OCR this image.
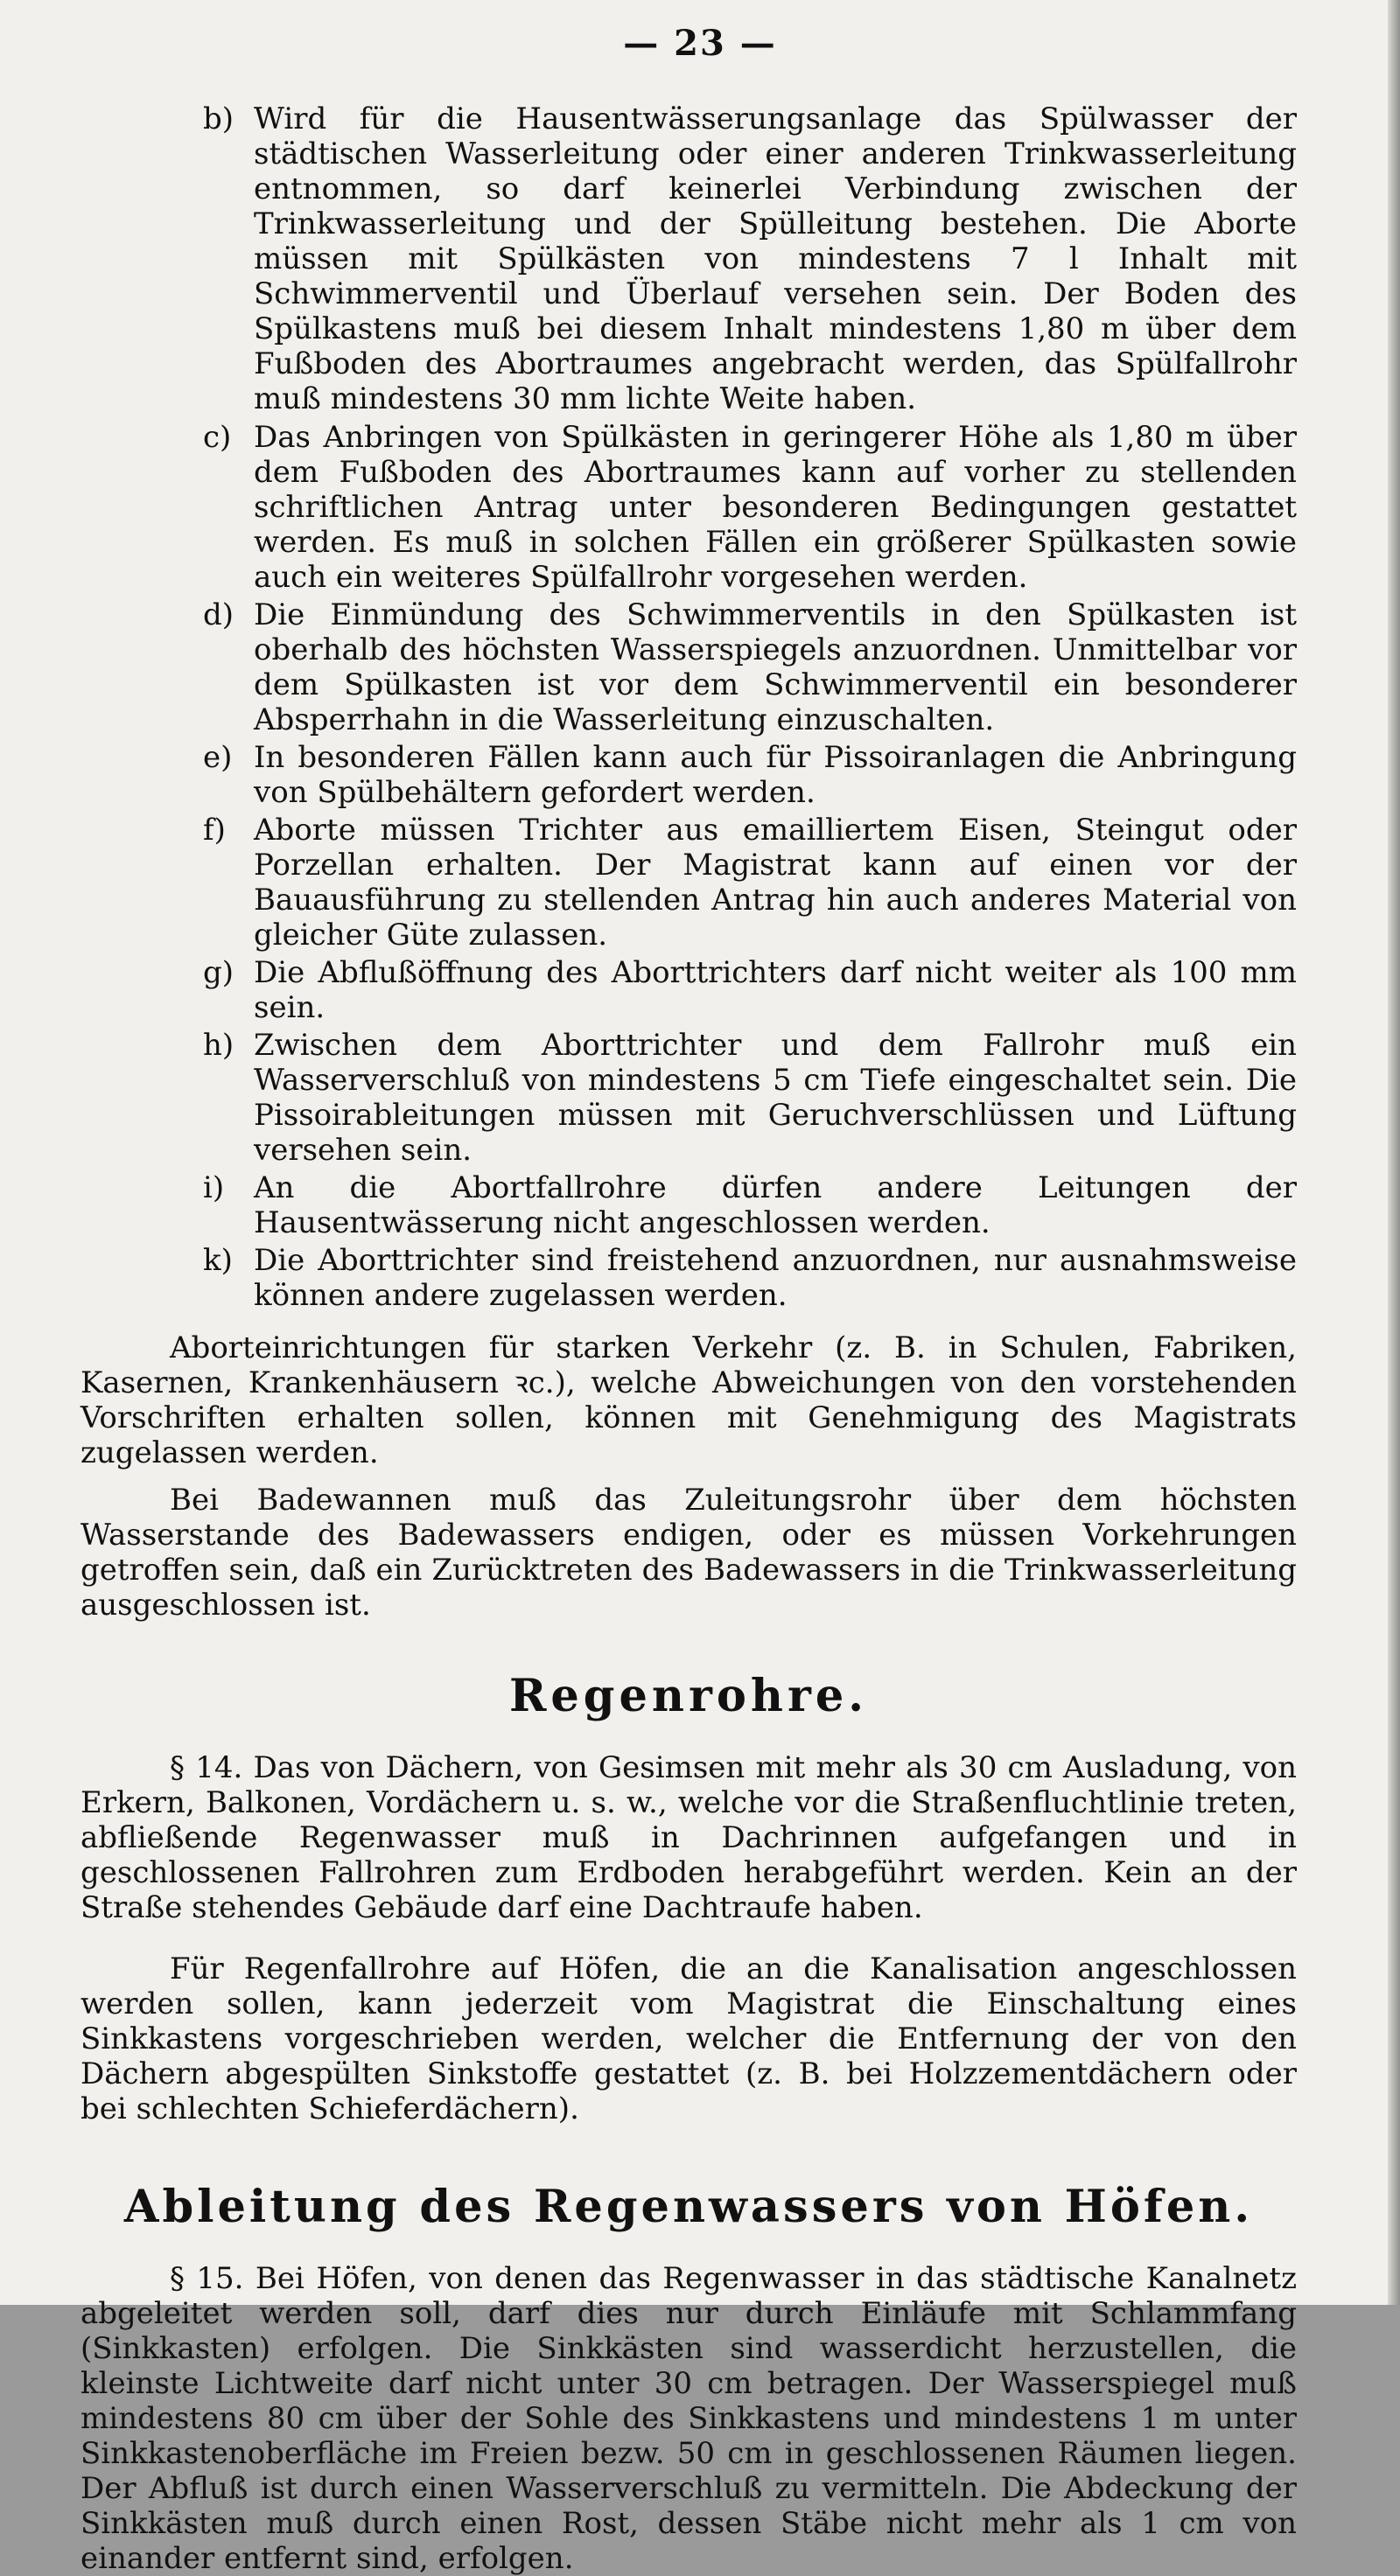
— 23 —
b) Wird für die Hausentwässerungsanlage das Spülwasser der städtischen Wasserleitung oder einer anderen Trinkwasserleitung entnommen, so darf keinerlei Verbindung zwischen der Trinkwasserleitung und der Spülleitung bestehen. Die Aborte müssen mit Spülkästen von mindestens 7 l Inhalt mit Schwimmerventil und Überlauf versehen sein. Der Boden des Spülkastens muß bei diesem Inhalt mindestens 1,80 m über dem Fußboden des Abortraumes angebracht werden, das Spülfallrohr muß mindestens 30 mm lichte Weite haben.
c) Das Anbringen von Spülkästen in geringerer Höhe als 1,80 m über dem Fußboden des Abortraumes kann auf vorher zu stellenden schriftlichen Antrag unter besonderen Bedingungen gestattet werden. Es muß in solchen Fällen ein größerer Spülkasten sowie auch ein weiteres Spülfallrohr vorgesehen werden.
d) Die Einmündung des Schwimmerventils in den Spülkasten ist oberhalb des höchsten Wasserspiegels anzuordnen. Unmittelbar vor dem Spülkasten ist vor dem Schwimmerventil ein besonderer Absperrhahn in die Wasserleitung einzuschalten.
e) In besonderen Fällen kann auch für Pissoiranlagen die Anbringung von Spülbehältern gefordert werden.
f) Aborte müssen Trichter aus emailliertem Eisen, Steingut oder Porzellan erhalten. Der Magistrat kann auf einen vor der Bauausführung zu stellenden Antrag hin auch anderes Material von gleicher Güte zulassen.
g) Die Abflußöffnung des Aborttrichters darf nicht weiter als 100 mm sein.
h) Zwischen dem Aborttrichter und dem Fallrohr muß ein Wasserverschluß von mindestens 5 cm Tiefe eingeschaltet sein. Die Pissoirableitungen müssen mit Geruchverschlüssen und Lüftung versehen sein.
i) An die Abortfallrohre dürfen andere Leitungen der Hausentwässerung nicht angeschlossen werden.
k) Die Aborttrichter sind freistehend anzuordnen, nur ausnahmsweise können andere zugelassen werden.

Aborteinrichtungen für starken Verkehr (z. B. in Schulen, Fabriken, Kasernen, Krankenhäusern ꝛc.), welche Abweichungen von den vorstehenden Vorschriften erhalten sollen, können mit Genehmigung des Magistrats zugelassen werden.

Bei Badewannen muß das Zuleitungsrohr über dem höchsten Wasserstande des Badewassers endigen, oder es müssen Vorkehrungen getroffen sein, daß ein Zurücktreten des Badewassers in die Trinkwasserleitung ausgeschlossen ist.

Regenrohre.

§ 14. Das von Dächern, von Gesimsen mit mehr als 30 cm Ausladung, von Erkern, Balkonen, Vordächern u. s. w., welche vor die Straßenfluchtlinie treten, abfließende Regenwasser muß in Dachrinnen aufgefangen und in geschlossenen Fallrohren zum Erdboden herabgeführt werden. Kein an der Straße stehendes Gebäude darf eine Dachtraufe haben.

Für Regenfallrohre auf Höfen, die an die Kanalisation angeschlossen werden sollen, kann jederzeit vom Magistrat die Einschaltung eines Sinkkastens vorgeschrieben werden, welcher die Entfernung der von den Dächern abgespülten Sinkstoffe gestattet (z. B. bei Holzzementdächern oder bei schlechten Schieferdächern).

Ableitung des Regenwassers von Höfen.

§ 15. Bei Höfen, von denen das Regenwasser in das städtische Kanalnetz abgeleitet werden soll, darf dies nur durch Einläufe mit Schlammfang (Sinkkasten) erfolgen. Die Sinkkästen sind wasserdicht herzustellen, die kleinste Lichtweite darf nicht unter 30 cm betragen. Der Wasserspiegel muß mindestens 80 cm über der Sohle des Sinkkastens und mindestens 1 m unter Sinkkastenoberfläche im Freien bezw. 50 cm in geschlossenen Räumen liegen. Der Abfluß ist durch einen Wasserverschluß zu vermitteln. Die Abdeckung der Sinkkästen muß durch einen Rost, dessen Stäbe nicht mehr als 1 cm von einander entfernt sind, erfolgen.
